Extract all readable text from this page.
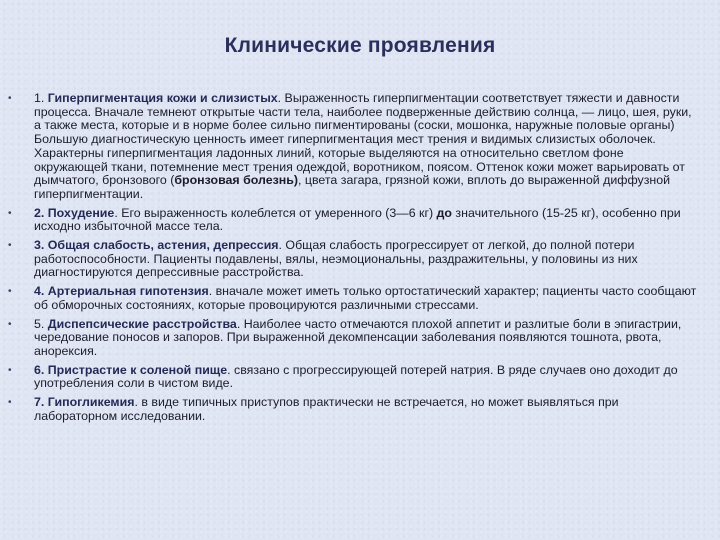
Клинические проявления
• 1. Гиперпигментация кожи и слизистых. Выраженность гиперпигментации соответствует тяжести и давности процесса. Вначале темнеют открытые части тела, наиболее подверженные действию солнца, — лицо, шея, руки, а также места, которые и в норме более сильно пигментированы (соски, мошонка, наружные половые органы) Большую диагностическую ценность имеет гиперпигментация мест трения и видимых слизистых оболочек. Характерны гиперпигментация ладонных линий, которые выделяются на относительно светлом фоне окружающей ткани, потемнение мест трения одеждой, воротником, поясом. Оттенок кожи может варьировать от дымчатого, бронзового (бронзовая болезнь), цвета загара, грязной кожи, вплоть до выраженной диффузной гиперпигментации.
• 2. Похудение. Его выраженность колеблется от умеренного (3—6 кг) до значительного (15-25 кг), особенно при исходно избыточной массе тела.
• 3. Общая слабость, астения, депрессия. Общая слабость прогрессирует от легкой, до полной потери работоспособности. Пациенты подавлены, вялы, неэмоциональны, раздражительны, у половины из них диагностируются депрессивные расстройства.
• 4. Артериальная гипотензия. вначале может иметь только ортостатический характер; пациенты часто сообщают об обморочных состояниях, которые провоцируются различными стрессами.
• 5. Диспепсические расстройства. Наиболее часто отмечаются плохой аппетит и разлитые боли в эпигастрии, чередование поносов и запоров. При выраженной декомпенсации заболевания появляются тошнота, рвота, анорексия.
• 6. Пристрастие к соленой пище. связано с прогрессирующей потерей натрия. В ряде случаев оно доходит до употребления соли в чистом виде.
• 7. Гипогликемия. в виде типичных приступов практически не встречается, но может выявляться при лабораторном исследовании.
